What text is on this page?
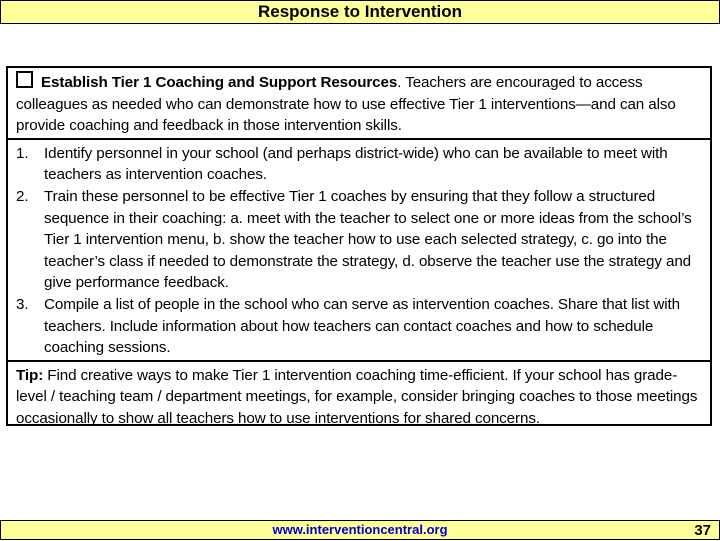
Response to Intervention
Establish Tier 1 Coaching and Support Resources. Teachers are encouraged to access colleagues as needed who can demonstrate how to use effective Tier 1 interventions—and can also provide coaching and feedback in those intervention skills.
1.	Identify personnel in your school (and perhaps district-wide) who can be available to meet with teachers as intervention coaches.
2.	Train these personnel to be effective Tier 1 coaches by ensuring that they follow a structured sequence in their coaching: a. meet with the teacher to select one or more ideas from the school’s Tier 1 intervention menu, b. show the teacher how to use each selected strategy, c. go into the teacher’s class if needed to demonstrate the strategy, d. observe the teacher use the strategy and give performance feedback.
3.	Compile a list of people in the school who can serve as intervention coaches. Share that list with teachers. Include information about how teachers can contact coaches and how to schedule coaching sessions.
Tip: Find creative ways to make Tier 1 intervention coaching time-efficient. If your school has grade-level / teaching team / department meetings, for example, consider bringing coaches to those meetings occasionally to show all teachers how to use interventions for shared concerns.
www.interventioncentral.org	37
